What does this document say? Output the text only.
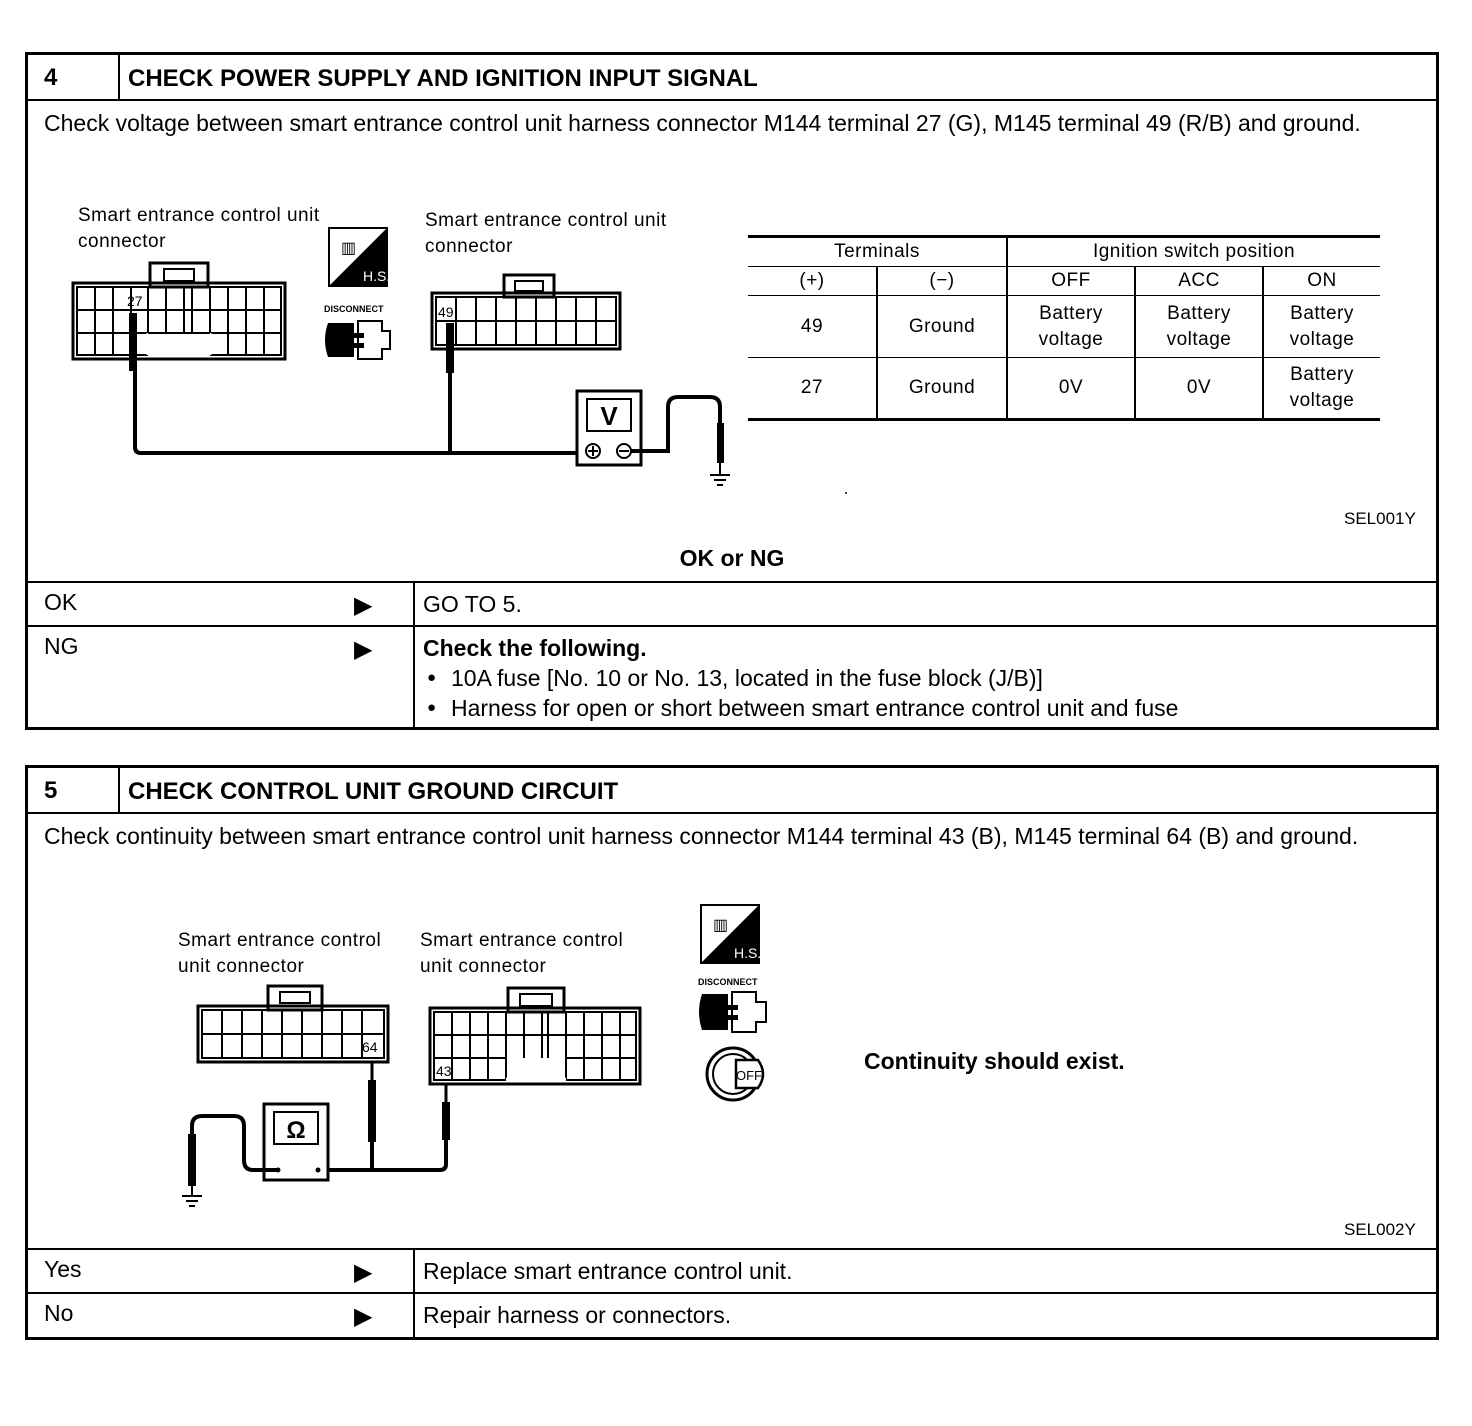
4	CHECK POWER SUPPLY AND IGNITION INPUT SIGNAL
Check voltage between smart entrance control unit harness connector M144 terminal 27 (G), M145 terminal 49 (R/B) and ground.
Smart entrance control unit connector
Smart entrance control unit connector
27
49
V
▥
H.S.
DISCONNECT
Terminals		Ignition switch position		
(+)	(−)	OFF	ACC	ON
49	Ground	Battery voltage	Battery voltage	Battery voltage
27	Ground	0V	0V	Battery voltage
SEL001Y
OK or NG
OK	▶ GO TO 5.
NG	▶ Check the following.
● 10A fuse [No. 10 or No. 13, located in the fuse block (J/B)]
● Harness for open or short between smart entrance control unit and fuse
5	CHECK CONTROL UNIT GROUND CIRCUIT
Check continuity between smart entrance control unit harness connector M144 terminal 43 (B), M145 terminal 64 (B) and ground.
Smart entrance control unit connector
Smart entrance control unit connector
64
43
Ω
▥
H.S.
DISCONNECT
OFF
Continuity should exist.
SEL002Y
Yes	▶ Replace smart entrance control unit.
No	▶ Repair harness or connectors.
